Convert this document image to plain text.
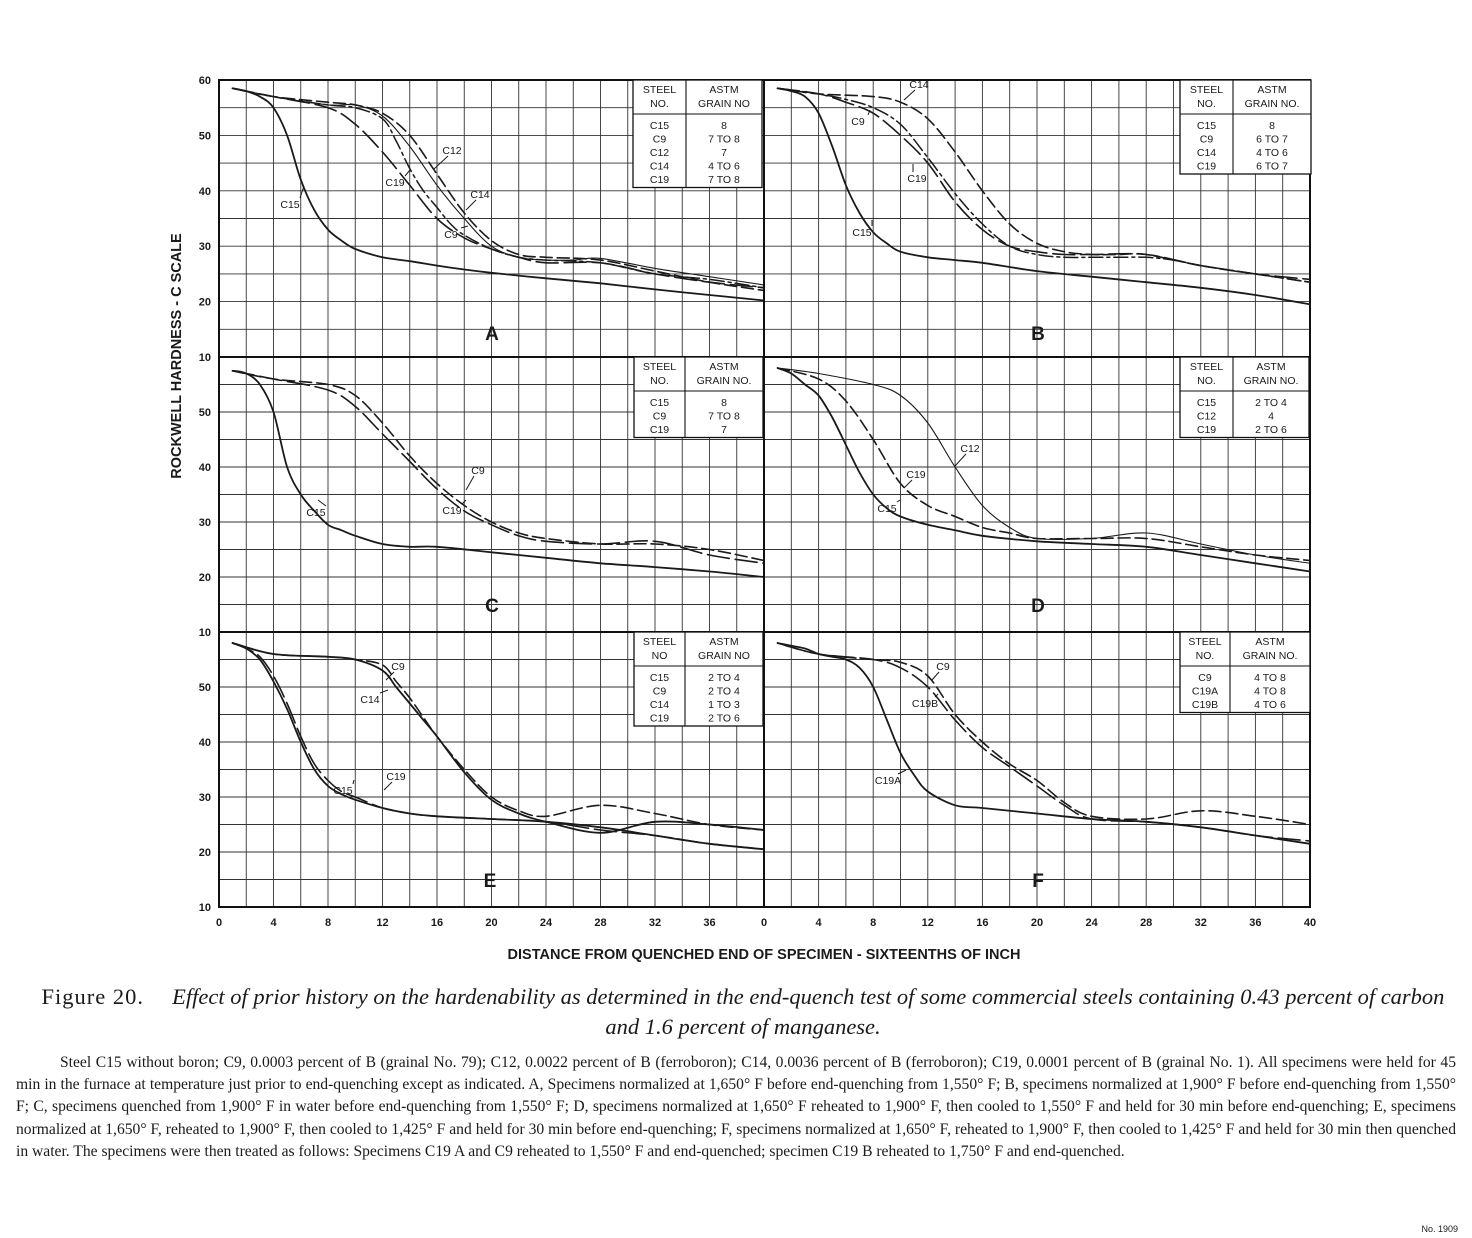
60
50
40
30
20
10
C15
C9
C12
C14
C19
A
STEEL
NO.
ASTM
GRAIN NO
C15	8
C9	7 TO 8
C12	7
C14	4 TO 6
C19	7 TO 8
C14
C9
C19
C15
B
STEEL
NO.
ASTM
GRAIN NO.
C15	8
C9	6 TO 7
C14	4 TO 6
C19	6 TO 7
50
40
30
20
10
C9
C19
C15
C
STEEL
NO.
ASTM
GRAIN NO.
C15	8
C9	7 TO 8
C19	7
C12
C19
C15
D
STEEL
NO.
ASTM
GRAIN NO.
C15	2 TO 4
C12	4
C19	2 TO 6
50
40
30
20
10
0	4	8	12	16	20	24	28	32	36
C9
C14
C19
C15
E
STEEL
NO
ASTM
GRAIN NO
C15	2 TO 4
C9	2 TO 4
C14	1 TO 3
C19	2 TO 6
0	4	8	12	16	20	24	28	32	36	40
C9
C19B
C19A
F
STEEL
NO.
ASTM
GRAIN NO.
C9	4 TO 8
C19A	4 TO 8
C19B	4 TO 6
ROCKWELL HARDNESS - C SCALE
DISTANCE FROM QUENCHED END OF SPECIMEN - SIXTEENTHS OF INCH
Figure 20. Effect of prior history on the hardenability as determined in the end-quench test of some commercial steels containing 0.43 percent of carbon and 1.6 percent of manganese.
Steel C15 without boron; C9, 0.0003 percent of B (grainal No. 79); C12, 0.0022 percent of B (ferroboron); C14, 0.0036 percent of B (ferroboron); C19, 0.0001 percent of B (grainal No. 1). All specimens were held for 45 min in the furnace at temperature just prior to end-quenching except as indicated. A, Specimens normalized at 1,650° F before end-quenching from 1,550° F; B, specimens normalized at 1,900° F before end-quenching from 1,550° F; C, specimens quenched from 1,900° F in water before end-quenching from 1,550° F; D, specimens normalized at 1,650° F reheated to 1,900° F, then cooled to 1,550° F and held for 30 min before end-quenching; E, specimens normalized at 1,650° F, reheated to 1,900° F, then cooled to 1,425° F and held for 30 min before end-quenching; F, specimens normalized at 1,650° F, reheated to 1,900° F, then cooled to 1,425° F and held for 30 min then quenched in water. The specimens were then treated as follows: Specimens C19 A and C9 reheated to 1,550° F and end-quenched; specimen C19 B reheated to 1,750° F and end-quenched.
No. 1909
